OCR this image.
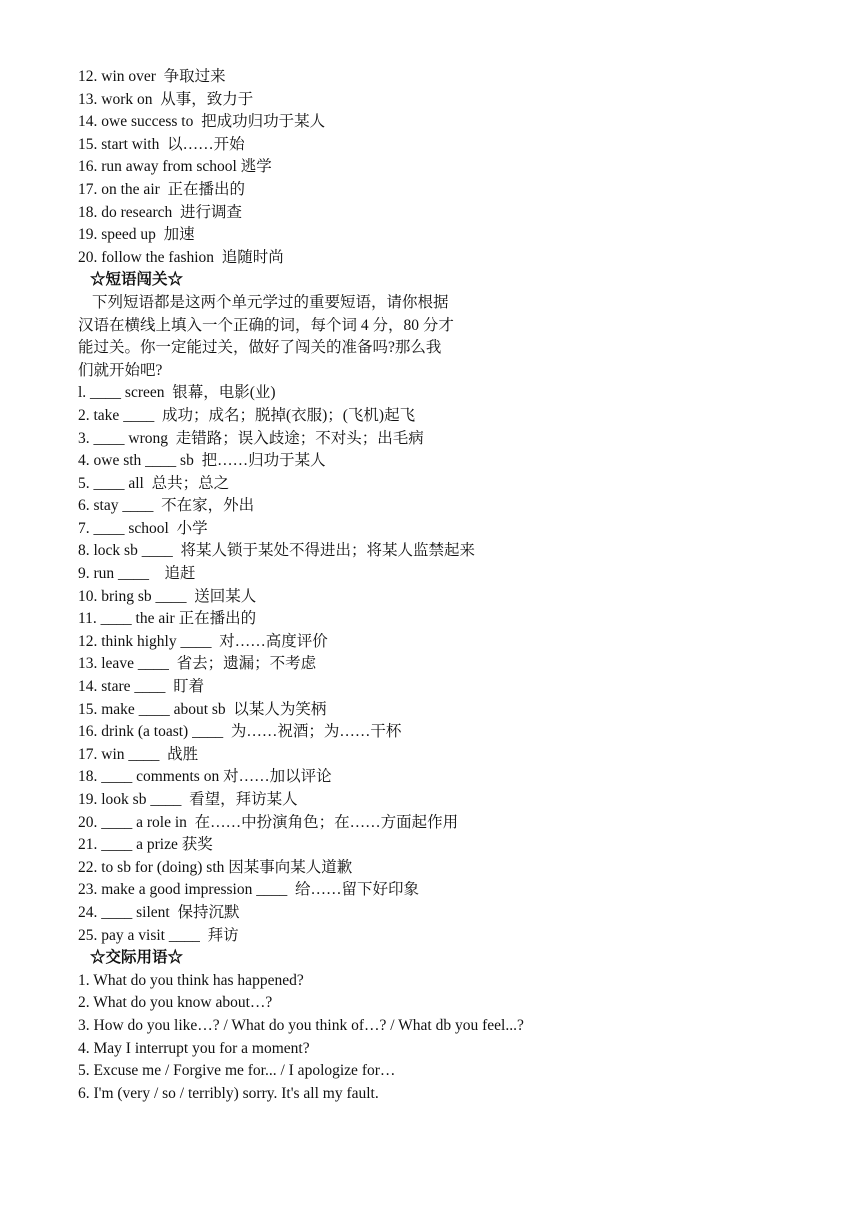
12. win over  争取过来
13. work on  从事，致力于
14. owe success to  把成功归功于某人
15. start with  以……开始
16. run away from school 逃学
17. on the air  正在播出的
18. do research  进行调查
19. speed up  加速
20. follow the fashion  追随时尚
☆短语闯关☆
下列短语都是这两个单元学过的重要短语，请你根据
汉语在横线上填入一个正确的词，每个词 4 分，80 分才
能过关。你一定能过关，做好了闯关的准备吗?那么我
们就开始吧?
l. ____ screen  银幕，电影(业)
2. take ____  成功；成名；脱掉(衣服)；(飞机)起飞
3. ____ wrong  走错路；误入歧途；不对头；出毛病
4. owe sth ____ sb  把……归功于某人
5. ____ all  总共；总之
6. stay ____  不在家，外出
7. ____ school  小学
8. lock sb ____  将某人锁于某处不得进出；将某人监禁起来
9. run ____    追赶
10. bring sb ____  送回某人
11. ____ the air 正在播出的
12. think highly ____  对……高度评价
13. leave ____  省去；遗漏；不考虑
14. stare ____  盯着
15. make ____ about sb  以某人为笑柄
16. drink (a toast) ____  为……祝酒；为……干杯
17. win ____  战胜
18. ____ comments on 对……加以评论
19. look sb ____  看望，拜访某人
20. ____ a role in  在……中扮演角色；在……方面起作用
21. ____ a prize 获奖
22. to sb for (doing) sth 因某事向某人道歉
23. make a good impression ____  给……留下好印象
24. ____ silent  保持沉默
25. pay a visit ____  拜访
☆交际用语☆
1. What do you think has happened?
2. What do you know about…?
3. How do you like…? / What do you think of…? / What db you feel...?
4. May I interrupt you for a moment?
5. Excuse me / Forgive me for... / I apologize for…
6. I'm (very / so / terribly) sorry. It's all my fault.
